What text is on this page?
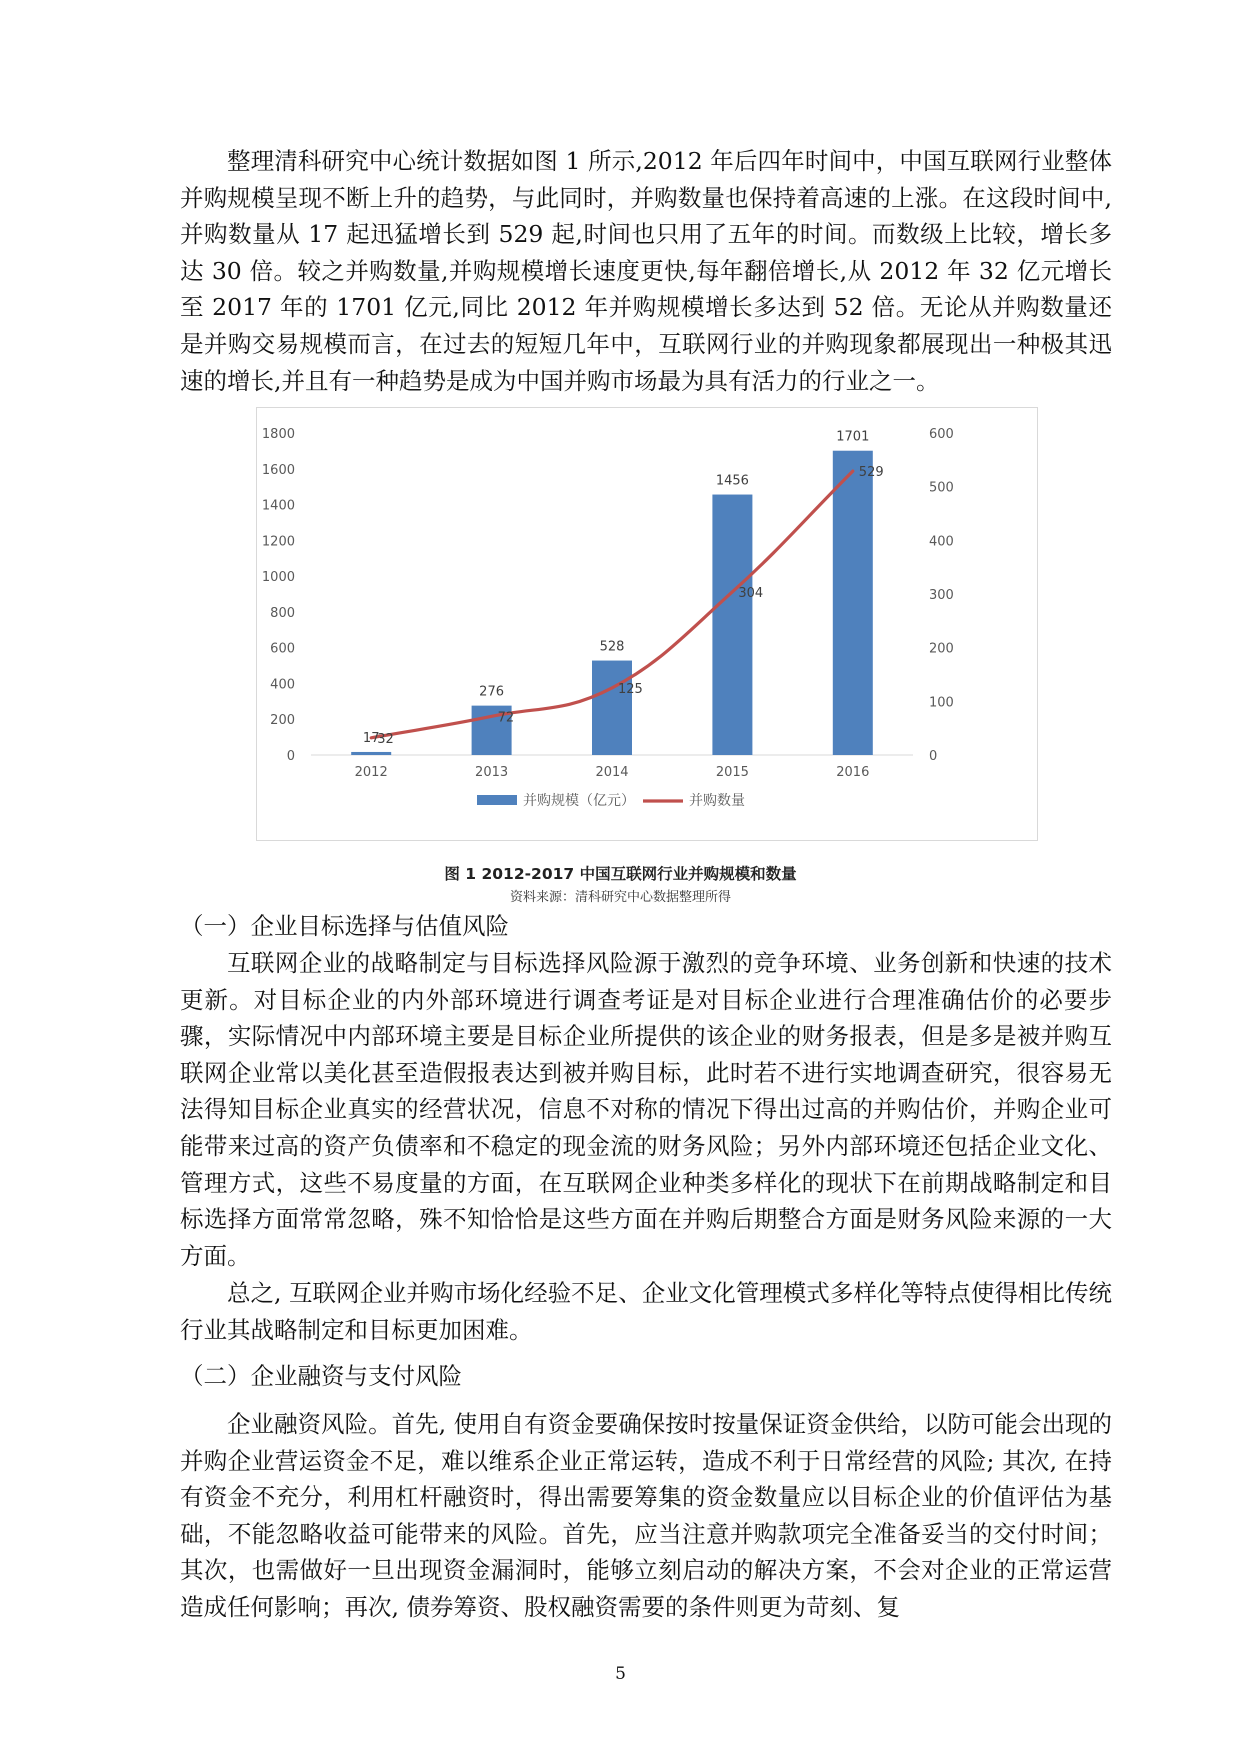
整理清科研究中心统计数据如图 1 所示,2012 年后四年时间中，中国互联网行业整体并购规模呈现不断上升的趋势，与此同时，并购数量也保持着高速的上涨。在这段时间中,并购数量从 17 起迅猛增长到 529 起,时间也只用了五年的时间。而数级上比较，增长多达 30 倍。较之并购数量,并购规模增长速度更快,每年翻倍增长,从 2012 年 32 亿元增长至 2017 年的 1701 亿元,同比 2012 年并购规模增长多达到 52 倍。无论从并购数量还是并购交易规模而言，在过去的短短几年中，互联网行业的并购现象都展现出一种极其迅速的增长,并且有一种趋势是成为中国并购市场最为具有活力的行业之一。

0
200
400
600
800
1000
1200
1400
1600
1800
0
100
200
300
400
500
600
2012	2013	2014	2015	2016
17
276
528
1456
1701
32
72
125
304
529
并购规模（亿元）	并购数量

图 1 2012-2017 中国互联网行业并购规模和数量

资料来源：清科研究中心数据整理所得

（一）企业目标选择与估值风险

互联网企业的战略制定与目标选择风险源于激烈的竞争环境、业务创新和快速的技术更新。对目标企业的内外部环境进行调查考证是对目标企业进行合理准确估价的必要步骤，实际情况中内部环境主要是目标企业所提供的该企业的财务报表，但是多是被并购互联网企业常以美化甚至造假报表达到被并购目标，此时若不进行实地调查研究，很容易无法得知目标企业真实的经营状况，信息不对称的情况下得出过高的并购估价，并购企业可能带来过高的资产负债率和不稳定的现金流的财务风险；另外内部环境还包括企业文化、管理方式，这些不易度量的方面，在互联网企业种类多样化的现状下在前期战略制定和目标选择方面常常忽略，殊不知恰恰是这些方面在并购后期整合方面是财务风险来源的一大方面。

总之, 互联网企业并购市场化经验不足、企业文化管理模式多样化等特点使得相比传统行业其战略制定和目标更加困难。

（二）企业融资与支付风险

企业融资风险。首先, 使用自有资金要确保按时按量保证资金供给，以防可能会出现的并购企业营运资金不足，难以维系企业正常运转，造成不利于日常经营的风险; 其次, 在持有资金不充分，利用杠杆融资时，得出需要筹集的资金数量应以目标企业的价值评估为基础，不能忽略收益可能带来的风险。首先，应当注意并购款项完全准备妥当的交付时间；其次，也需做好一旦出现资金漏洞时，能够立刻启动的解决方案，不会对企业的正常运营造成任何影响；再次, 债券筹资、股权融资需要的条件则更为苛刻、复

5
